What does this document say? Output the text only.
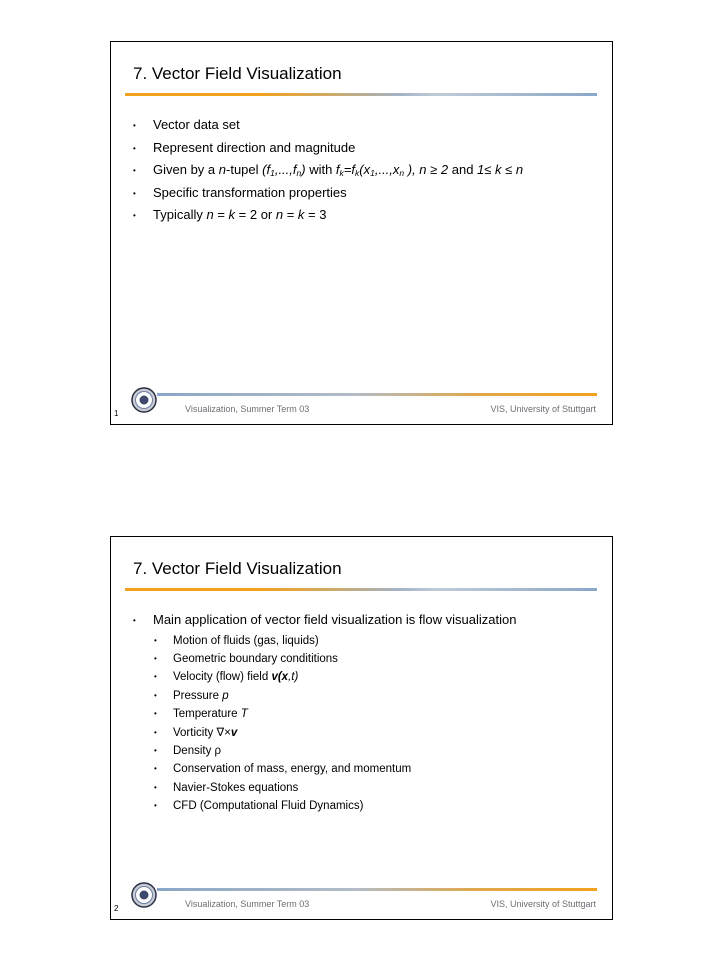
7. Vector Field Visualization
• Vector data set
• Represent direction and magnitude
• Given by a n-tupel $(f_1,...,f_n)$ with $f_k=f_k(x_1,...,x_n$ ), n ≥ 2 and 1≤ k ≤ n
• Specific transformation properties
• Typically n = k = 2 or n = k = 3
Visualization, Summer Term 03	VIS, University of Stuttgart
1
7. Vector Field Visualization
• Main application of vector field visualization is flow visualization
• Motion of fluids (gas, liquids)
• Geometric boundary condititions
• Velocity (flow) field v(x,t)
• Pressure p
• Temperature T
• Vorticity ∇×v
• Density ρ
• Conservation of mass, energy, and momentum
• Navier-Stokes equations
• CFD (Computational Fluid Dynamics)
Visualization, Summer Term 03	VIS, University of Stuttgart
2
